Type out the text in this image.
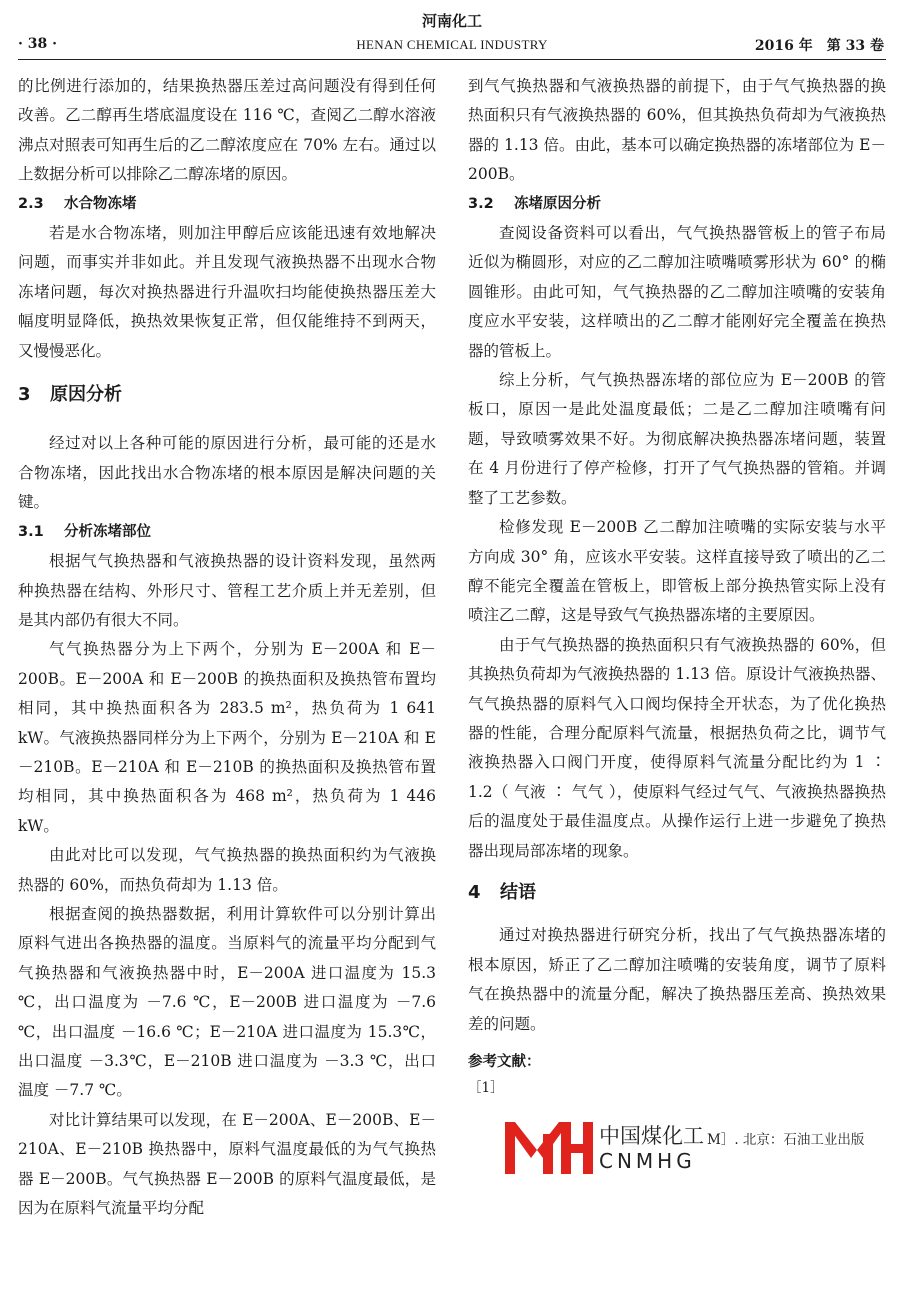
河南化工
· 38 ·	HENAN CHEMICAL INDUSTRY	2016 年　第 33 卷

的比例进行添加的，结果换热器压差过高问题没有得到任何改善。乙二醇再生塔底温度设在 116 ℃，查阅乙二醇水溶液沸点对照表可知再生后的乙二醇浓度应在 70% 左右。通过以上数据分析可以排除乙二醇冻堵的原因。

2.3 水合物冻堵

若是水合物冻堵，则加注甲醇后应该能迅速有效地解决问题，而事实并非如此。并且发现气液换热器不出现水合物冻堵问题，每次对换热器进行升温吹扫均能使换热器压差大幅度明显降低，换热效果恢复正常，但仅能维持不到两天，又慢慢恶化。

3 原因分析

经过对以上各种可能的原因进行分析，最可能的还是水合物冻堵，因此找出水合物冻堵的根本原因是解决问题的关键。

3.1 分析冻堵部位

根据气气换热器和气液换热器的设计资料发现，虽然两种换热器在结构、外形尺寸、管程工艺介质上并无差别，但是其内部仍有很大不同。

气气换热器分为上下两个，分别为 E－200A 和 E－200B。E－200A 和 E－200B 的换热面积及换热管布置均相同，其中换热面积各为 283.5 m²，热负荷为 1 641 kW。气液换热器同样分为上下两个，分别为 E－210A 和 E－210B。E－210A 和 E－210B 的换热面积及换热管布置均相同，其中换热面积各为 468 m²，热负荷为 1 446 kW。

由此对比可以发现，气气换热器的换热面积约为气液换热器的 60%，而热负荷却为 1.13 倍。

根据查阅的换热器数据，利用计算软件可以分别计算出原料气进出各换热器的温度。当原料气的流量平均分配到气气换热器和气液换热器中时，E－200A 进口温度为 15.3 ℃，出口温度为 －7.6 ℃，E－200B 进口温度为 －7.6 ℃，出口温度 －16.6 ℃；E－210A 进口温度为 15.3℃，出口温度 －3.3℃，E－210B 进口温度为 －3.3 ℃，出口温度 －7.7 ℃。

对比计算结果可以发现，在 E－200A、E－200B、E－210A、E－210B 换热器中，原料气温度最低的为气气换热器 E－200B。气气换热器 E－200B 的原料气温度最低，是因为在原料气流量平均分配

到气气换热器和气液换热器的前提下，由于气气换热器的换热面积只有气液换热器的 60%，但其换热负荷却为气液换热器的 1.13 倍。由此，基本可以确定换热器的冻堵部位为 E－200B。

3.2 冻堵原因分析

查阅设备资料可以看出，气气换热器管板上的管子布局近似为椭圆形，对应的乙二醇加注喷嘴喷雾形状为 60° 的椭圆锥形。由此可知，气气换热器的乙二醇加注喷嘴的安装角度应水平安装，这样喷出的乙二醇才能刚好完全覆盖在换热器的管板上。

综上分析，气气换热器冻堵的部位应为 E－200B 的管板口，原因一是此处温度最低；二是乙二醇加注喷嘴有问题，导致喷雾效果不好。为彻底解决换热器冻堵问题，装置在 4 月份进行了停产检修，打开了气气换热器的管箱。并调整了工艺参数。

检修发现 E－200B 乙二醇加注喷嘴的实际安装与水平方向成 30° 角，应该水平安装。这样直接导致了喷出的乙二醇不能完全覆盖在管板上，即管板上部分换热管实际上没有喷注乙二醇，这是导致气气换热器冻堵的主要原因。

由于气气换热器的换热面积只有气液换热器的 60%，但其换热负荷却为气液换热器的 1.13 倍。原设计气液换热器、气气换热器的原料气入口阀均保持全开状态，为了优化换热器的性能，合理分配原料气流量，根据热负荷之比，调节气液换热器入口阀门开度，使得原料气流量分配比约为 1 ∶ 1.2（ 气液 ∶ 气气 ），使原料气经过气气、气液换热器换热后的温度处于最佳温度点。从操作运行上进一步避免了换热器出现局部冻堵的现象。

4 结语

通过对换热器进行研究分析，找出了气气换热器冻堵的根本原因，矫正了乙二醇加注喷嘴的安装角度，调节了原料气在换热器中的流量分配，解决了换热器压差高、换热效果差的问题。

参考文献：
［1］
中国煤化工
CNMHG
M］. 北京：石油工业出版
